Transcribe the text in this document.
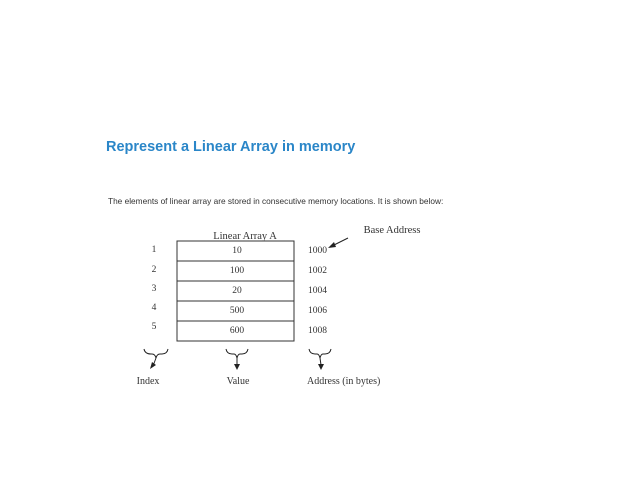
Represent a Linear Array in memory
The elements of linear array are stored in consecutive memory locations. It is shown below:
Linear Array A
Base Address
1	10	1000
2	100	1002
3	20	1004
4	500	1006
5	600	1008
Index	Value	Address (in bytes)
